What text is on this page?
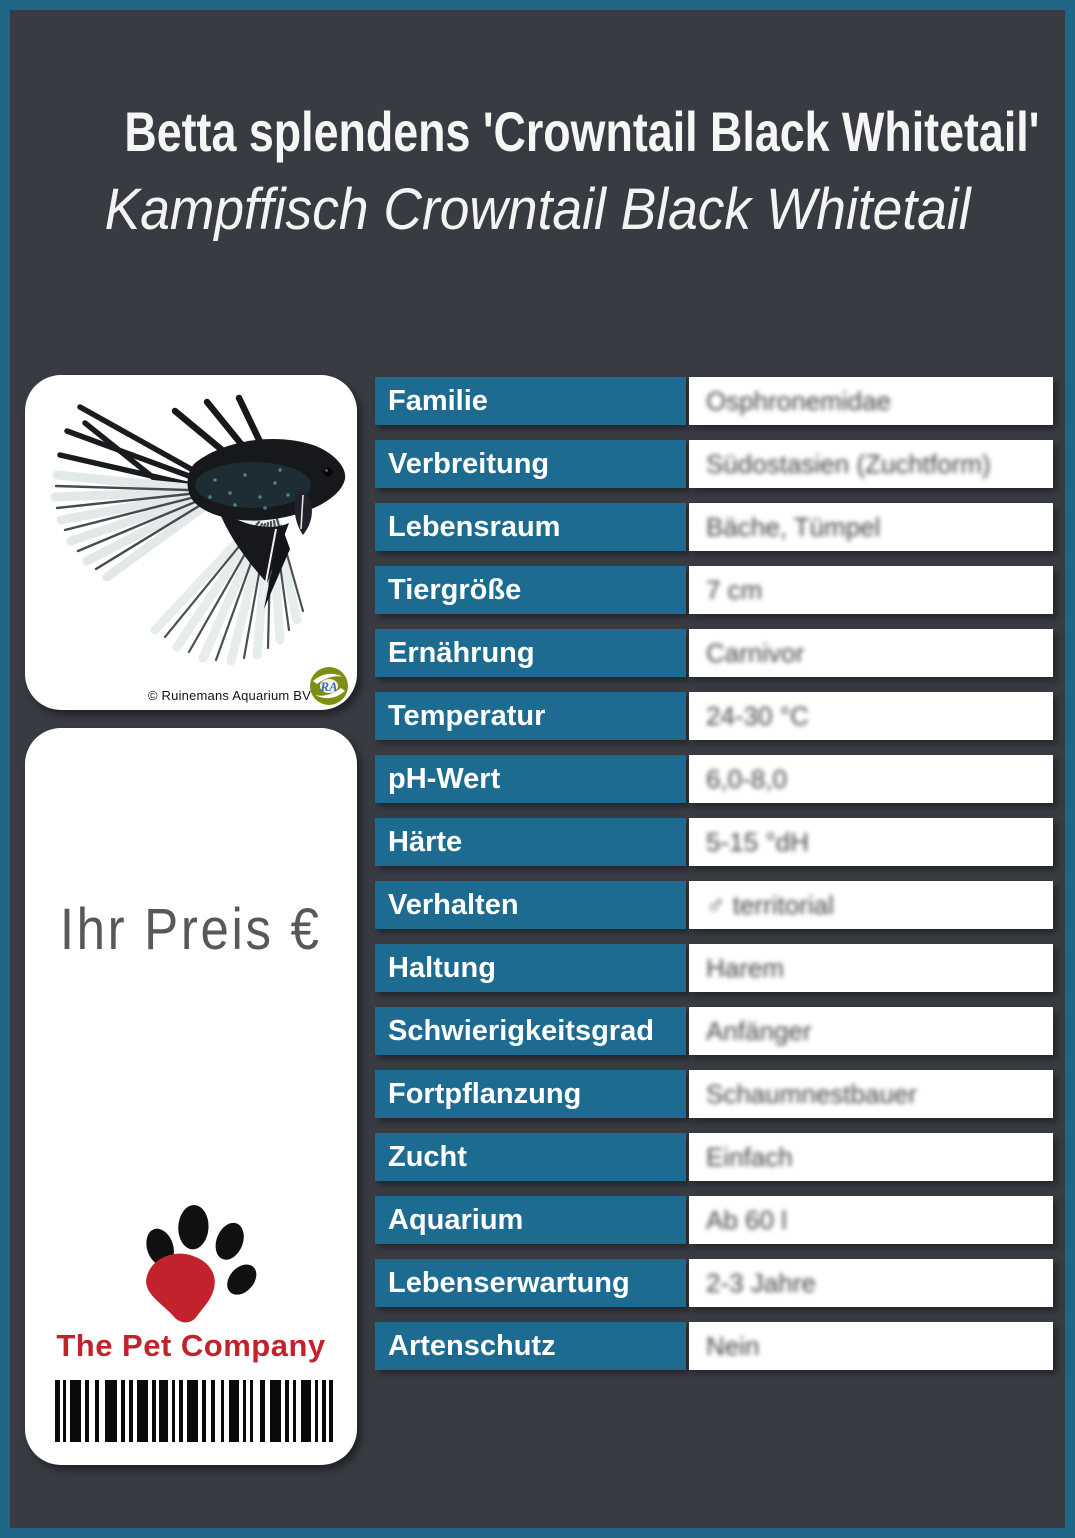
Betta splendens 'Crowntail Black Whitetail'
Kampffisch Crowntail Black Whitetail
© Ruinemans Aquarium BV
RA
Ihr Preis €
The Pet Company
Familie	Osphronemidae
Verbreitung	Südostasien (Zuchtform)
Lebensraum	Bäche, Tümpel
Tiergröße	7 cm
Ernährung	Carnivor
Temperatur	24-30 °C
pH-Wert	6,0-8,0
Härte	5-15 °dH
Verhalten	♂ territorial
Haltung	Harem
Schwierigkeitsgrad	Anfänger
Fortpflanzung	Schaumnestbauer
Zucht	Einfach
Aquarium	Ab 60 l
Lebenserwartung	2-3 Jahre
Artenschutz	Nein
